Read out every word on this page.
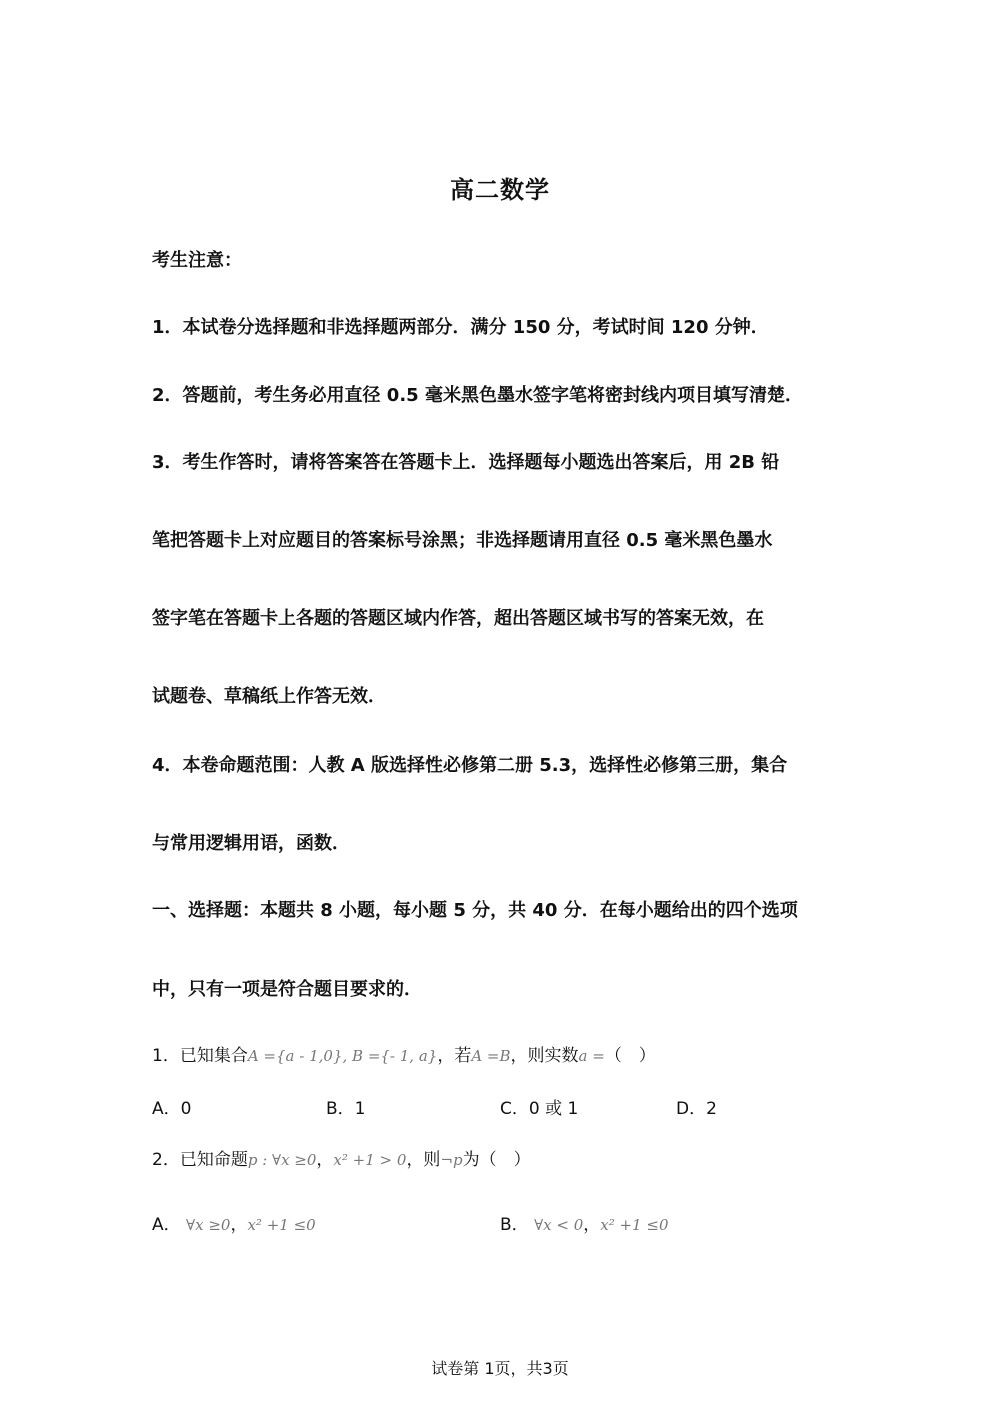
高二数学
考生注意：
1．本试卷分选择题和非选择题两部分．满分 150 分，考试时间 120 分钟．
2．答题前，考生务必用直径 0.5 毫米黑色墨水签字笔将密封线内项目填写清楚．
3．考生作答时，请将答案答在答题卡上．选择题每小题选出答案后，用 2B 铅
笔把答题卡上对应题目的答案标号涂黑；非选择题请用直径 0.5 毫米黑色墨水
签字笔在答题卡上各题的答题区域内作答，超出答题区域书写的答案无效，在
试题卷、草稿纸上作答无效．
4．本卷命题范围：人教 A 版选择性必修第二册 5.3，选择性必修第三册，集合
与常用逻辑用语，函数．
一、选择题：本题共 8 小题，每小题 5 分，共 40 分．在每小题给出的四个选项
中，只有一项是符合题目要求的．
1．已知集合A ={a - 1,0}, B ={- 1, a}，若A =B，则实数a =（　）
A．0	B．1	C．0 或 1	D．2
2．已知命题p : ∀x ≥0，x² +1 > 0，则¬p为（　）
A． ∀x ≥0，x² +1 ≤0	B． ∀x < 0，x² +1 ≤0
试卷第 1页，共3页
